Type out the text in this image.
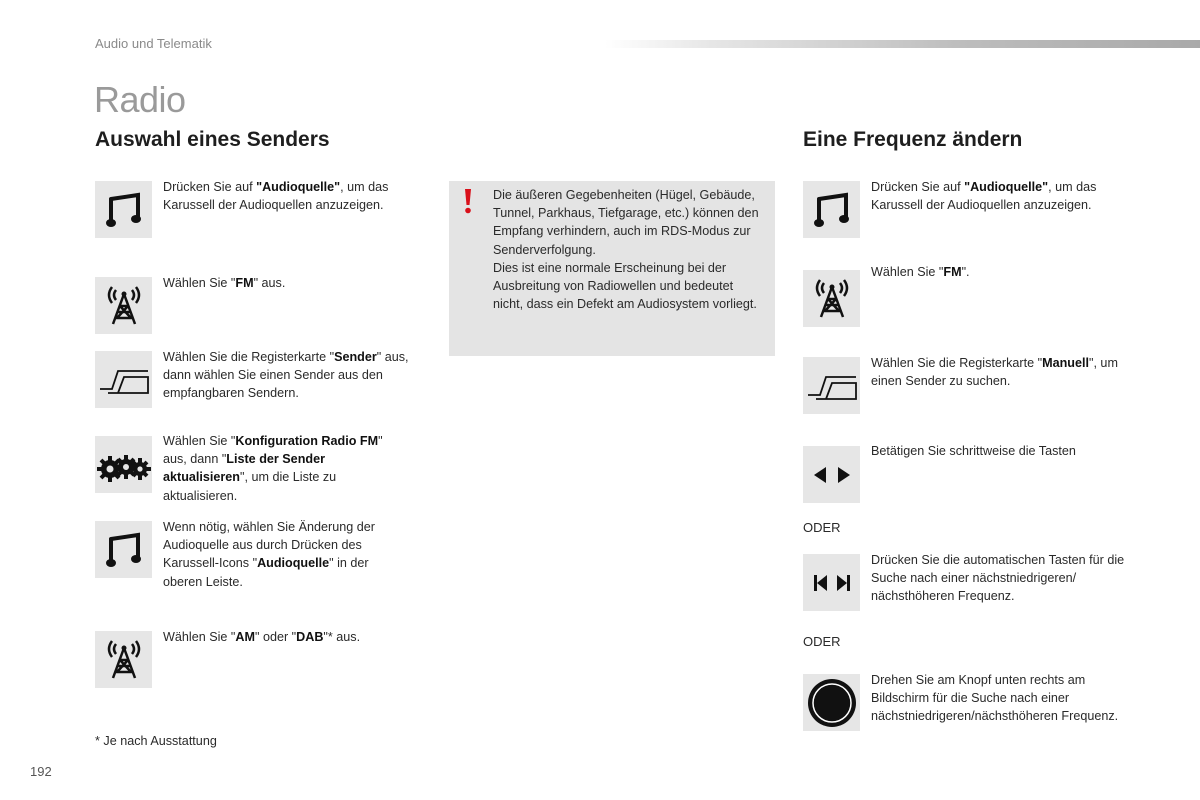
Audio und Telematik
Radio
Auswahl eines Senders	Eine Frequenz ändern
Drücken Sie auf "Audioquelle", um das Karussell der Audioquellen anzuzeigen.
Wählen Sie "FM" aus.
Wählen Sie die Registerkarte "Sender" aus, dann wählen Sie einen Sender aus den empfangbaren Sendern.
Wählen Sie "Konfiguration Radio FM" aus, dann "Liste der Sender aktualisieren", um die Liste zu aktualisieren.
Wenn nötig, wählen Sie Änderung der Audioquelle aus durch Drücken des Karussell-Icons "Audioquelle" in der oberen Leiste.
Wählen Sie "AM" oder "DAB"* aus.
Die äußeren Gegebenheiten (Hügel, Gebäude, Tunnel, Parkhaus, Tiefgarage, etc.) können den Empfang verhindern, auch im RDS-Modus zur Senderverfolgung.
Dies ist eine normale Erscheinung bei der Ausbreitung von Radiowellen und bedeutet nicht, dass ein Defekt am Audiosystem vorliegt.
Drücken Sie auf "Audioquelle", um das Karussell der Audioquellen anzuzeigen.
Wählen Sie "FM".
Wählen Sie die Registerkarte "Manuell", um einen Sender zu suchen.
Betätigen Sie schrittweise die Tasten
ODER
Drücken Sie die automatischen Tasten für die Suche nach einer nächstniedrigeren/ nächsthöheren Frequenz.
ODER
Drehen Sie am Knopf unten rechts am Bildschirm für die Suche nach einer nächstniedrigeren/nächsthöheren Frequenz.
* Je nach Ausstattung
192
